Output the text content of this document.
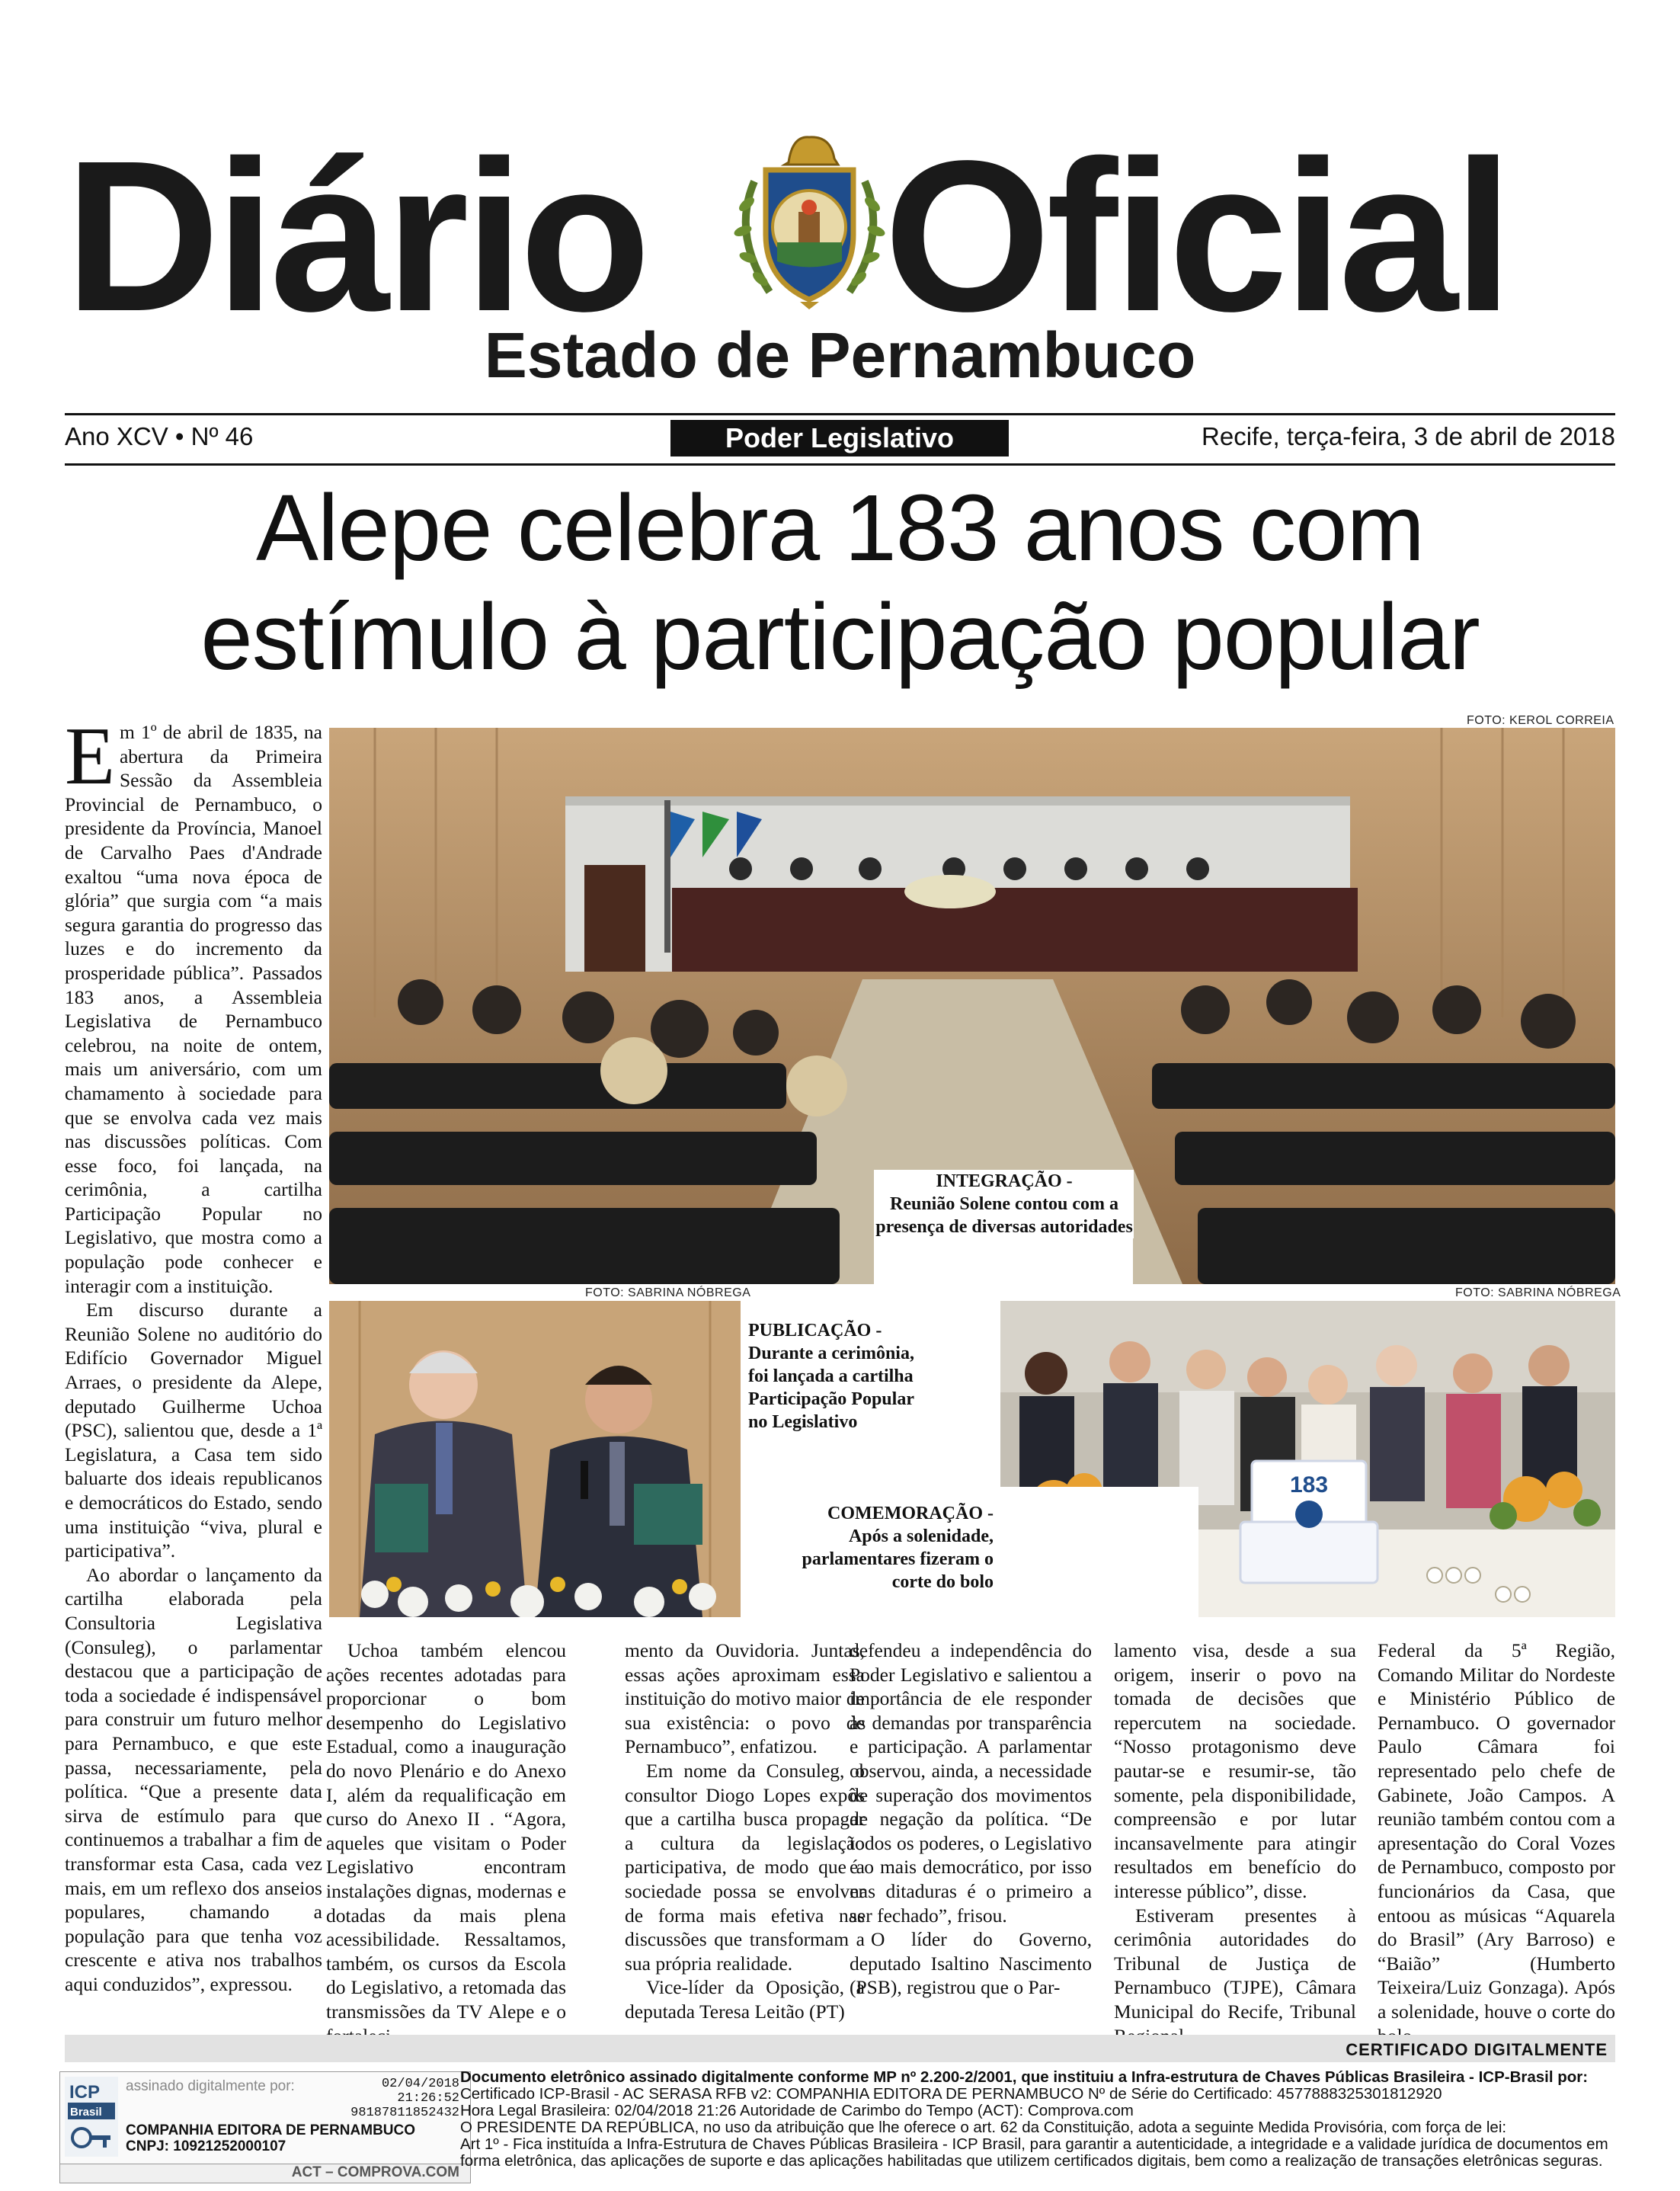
Diário Oficial
Estado de Pernambuco
Ano XCV • Nº 46	Poder Legislativo	Recife, terça-feira, 3 de abril de 2018
Alepe celebra 183 anos com
estímulo à participação popular
FOTO: KEROL CORREIA
INTEGRAÇÃO -
Reunião Solene contou com a presença de diversas autoridades
FOTO: SABRINA NÓBREGA	FOTO: SABRINA NÓBREGA
PUBLICAÇÃO -
Durante a cerimônia, foi lançada a cartilha Participação Popular no Legislativo
183
COMEMORAÇÃO -
Após a solenidade, parlamentares fizeram o corte do bolo

Em 1º de abril de 1835, na abertura da Primeira Sessão da Assembleia Provincial de Pernambuco, o presidente da Província, Manoel de Carvalho Paes d'Andrade exaltou “uma nova época de glória” que surgia com “a mais segura garantia do progresso das luzes e do incremento da prosperidade pública”. Passados 183 anos, a Assembleia Legislativa de Pernambuco celebrou, na noite de ontem, mais um aniversário, com um chamamento à sociedade para que se envolva cada vez mais nas discussões políticas. Com esse foco, foi lançada, na cerimônia, a cartilha Participação Popular no Legislativo, que mostra como a população pode conhecer e interagir com a instituição.

Em discurso durante a Reunião Solene no auditório do Edifício Governador Miguel Arraes, o presidente da Alepe, deputado Guilherme Uchoa (PSC), salientou que, desde a 1ª Legislatura, a Casa tem sido baluarte dos ideais republicanos e democráticos do Estado, sendo uma instituição “viva, plural e participativa”.

Ao abordar o lançamento da cartilha elaborada pela Consultoria Legislativa (Consuleg), o parlamentar destacou que a participação de toda a sociedade é indispensável para construir um futuro melhor para Pernambuco, e que este passa, necessariamente, pela política. “Que a presente data sirva de estímulo para que continuemos a trabalhar a fim de transformar esta Casa, cada vez mais, em um reflexo dos anseios populares, chamando a população para que tenha voz crescente e ativa nos trabalhos aqui conduzidos”, expressou.

Uchoa também elencou ações recentes adotadas para proporcionar o bom desempenho do Legislativo Estadual, como a inauguração do novo Plenário e do Anexo I, além da requalificação em curso do Anexo II . “Agora, aqueles que visitam o Poder Legislativo encontram instalações dignas, modernas e dotadas da mais plena acessibilidade. Ressaltamos, também, os cursos da Escola do Legislativo, a retomada das transmissões da TV Alepe e o

mento da Ouvidoria. Juntas, essas ações aproximam essa instituição do motivo maior de sua existência: o povo de Pernambuco”, enfatizou.

Em nome da Consuleg, o consultor Diogo Lopes expôs que a cartilha busca propagar a cultura da legislação participativa, de modo que a sociedade possa se envolver de forma mais efetiva nas discussões que transformam a sua própria realidade.

Vice-líder da Oposição, a deputada Teresa Leitão (PT)

defendeu a independência do Poder Legislativo e salientou a importância de ele responder às demandas por transparência e participação. A parlamentar observou, ainda, a necessidade de superação dos movimentos de negação da política. “De todos os poderes, o Legislativo é o mais democrático, por isso nas ditaduras é o primeiro a ser fechado”, frisou.

O líder do Governo, deputado Isaltino Nascimento (PSB), registrou que o Par-

lamento visa, desde a sua origem, inserir o povo na tomada de decisões que repercutem na sociedade. “Nosso protagonismo deve pautar-se e resumir-se, tão somente, pela disponibilidade, compreensão e por lutar incansavelmente para atingir resultados em benefício do interesse público”, disse.

Estiveram presentes à cerimônia autoridades do Tribunal de Justiça de Pernambuco (TJPE), Câmara Municipal do Recife, Tribunal

Federal da 5ª Região, Comando Militar do Nordeste e Ministério Público de Pernambuco. O governador Paulo Câmara foi representado pelo chefe de Gabinete, João Campos. A reunião também contou com a apresentação do Coral Vozes de Pernambuco, composto por funcionários da Casa, que entoou as músicas “Aquarela do Brasil” (Ary Barroso) e “Baião” (Humberto Teixeira/Luiz Gonzaga). Após a solenidade, houve o corte do

CERTIFICADO DIGITALMENTE
ICP
Brasil
assinado digitalmente por:	02/04/2018
21:26:52
98187811852432
COMPANHIA EDITORA DE PERNAMBUCO
CNPJ: 10921252000107
ACT – COMPROVA.COM
Documento eletrônico assinado digitalmente conforme MP nº 2.200-2/2001, que instituiu a Infra-estrutura de Chaves Públicas Brasileira - ICP-Brasil por:
Certificado ICP-Brasil - AC SERASA RFB v2: COMPANHIA EDITORA DE PERNAMBUCO Nº de Série do Certificado: 4577888325301812920
Hora Legal Brasileira: 02/04/2018 21:26 Autoridade de Carimbo do Tempo (ACT): Comprova.com
O PRESIDENTE DA REPÚBLICA, no uso da atribuição que lhe oferece o art. 62 da Constituição, adota a seguinte Medida Provisória, com força de lei:
Art 1º - Fica instituída a Infra-Estrutura de Chaves Públicas Brasileira - ICP Brasil, para garantir a autenticidade, a integridade e a validade jurídica de documentos em forma eletrônica, das aplicações de suporte e das aplicações habilitadas que utilizem certificados digitais, bem como a realização de transações eletrônicas seguras.
